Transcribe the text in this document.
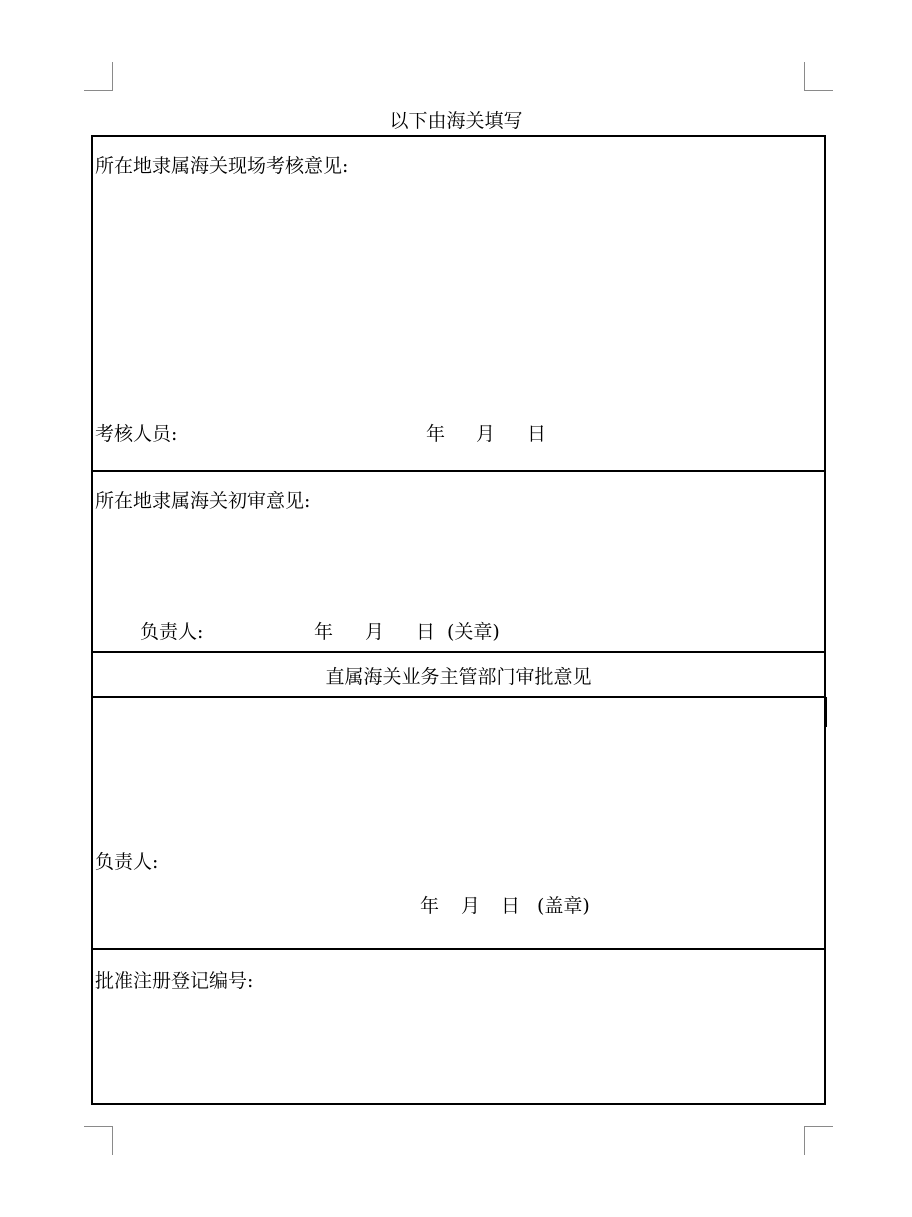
以下由海关填写
所在地隶属海关现场考核意见:
考核人员:	年 月 日
所在地隶属海关初审意见:
负责人:	年 月 日 (关章)
直属海关业务主管部门审批意见
负责人:
年 月 日 (盖章)
批准注册登记编号:
